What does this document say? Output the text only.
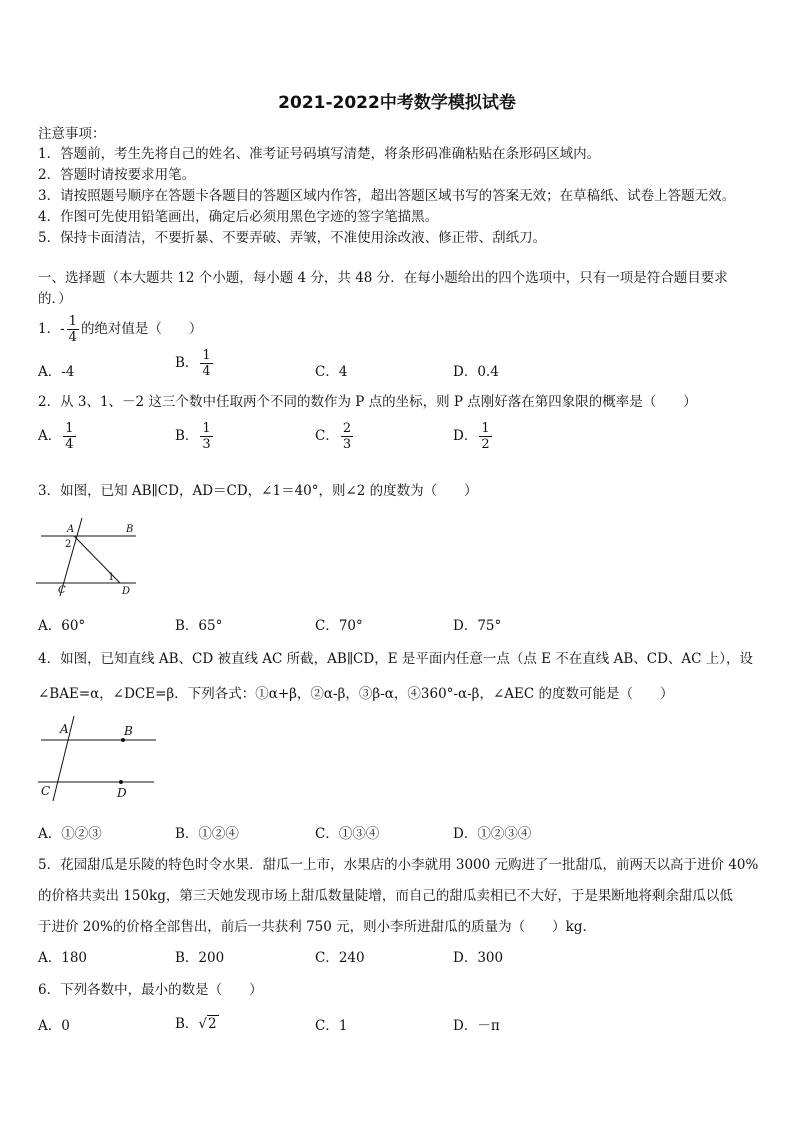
2021-2022中考数学模拟试卷
注意事项：
1．答题前，考生先将自己的姓名、准考证号码填写清楚，将条形码准确粘贴在条形码区域内。
2．答题时请按要求用笔。
3．请按照题号顺序在答题卡各题目的答题区域内作答，超出答题区域书写的答案无效；在草稿纸、试卷上答题无效。
4．作图可先使用铅笔画出，确定后必须用黑色字迹的签字笔描黑。
5．保持卡面清洁，不要折暴、不要弄破、弄皱，不准使用涂改液、修正带、刮纸刀。
一、选择题（本大题共 12 个小题，每小题 4 分，共 48 分．在每小题给出的四个选项中，只有一项是符合题目要求
的．）
1．- $\frac{1}{4}$ 的绝对值是（　　）
A．-4
B． $\frac{1}{4}$	C．4	D．0.4
2．从 3、1、－2 这三个数中任取两个不同的数作为 P 点的坐标，则 P 点刚好落在第四象限的概率是（　　）
A． $\frac{1}{4}$	B． $\frac{1}{3}$	C． $\frac{2}{3}$	D． $\frac{1}{2}$
3．如图，已知 AB∥CD，AD＝CD，∠1＝40°，则∠2 的度数为（　　）
A	B
C	D
2
1
A．60°	B．65°	C．70°	D．75°
4．如图，已知直线 AB、CD 被直线 AC 所截，AB∥CD，E 是平面内任意一点（点 E 不在直线 AB、CD、AC 上），设
∠BAE=α，∠DCE=β．下列各式：①α+β，②α-β，③β-α，④360°-α-β，∠AEC 的度数可能是（　　）
A	B
C	D
A．①②③	B．①②④	C．①③④	D．①②③④
5．花园甜瓜是乐陵的特色时令水果．甜瓜一上市，水果店的小李就用 3000 元购进了一批甜瓜，前两天以高于进价 40%
的价格共卖出 150kg，第三天她发现市场上甜瓜数量陡增，而自己的甜瓜卖相已不大好，于是果断地将剩余甜瓜以低
于进价 20%的价格全部售出，前后一共获利 750 元，则小李所进甜瓜的质量为（　　）kg．
A．180	B．200	C．240	D．300
6．下列各数中，最小的数是（　　）
A．0	B．√2	C．1	D．－π
